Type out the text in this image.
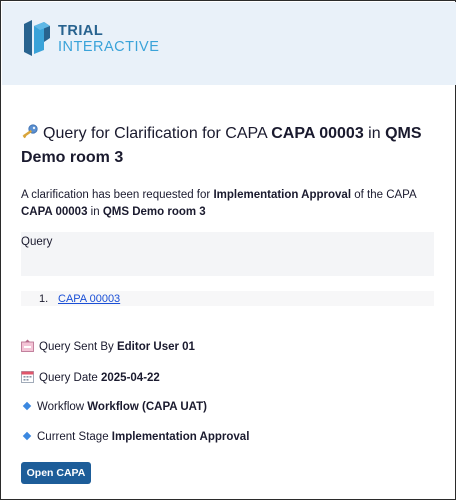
TRIAL
INTERACTIVE
Query for Clarification for CAPA CAPA 00003 in QMS Demo room 3
A clarification has been requested for Implementation Approval of the CAPA CAPA 00003 in QMS Demo room 3
Query
1. CAPA 00003
Query Sent By Editor User 01
Query Date 2025-04-22
Workflow Workflow (CAPA UAT)
Current Stage Implementation Approval
Open CAPA
